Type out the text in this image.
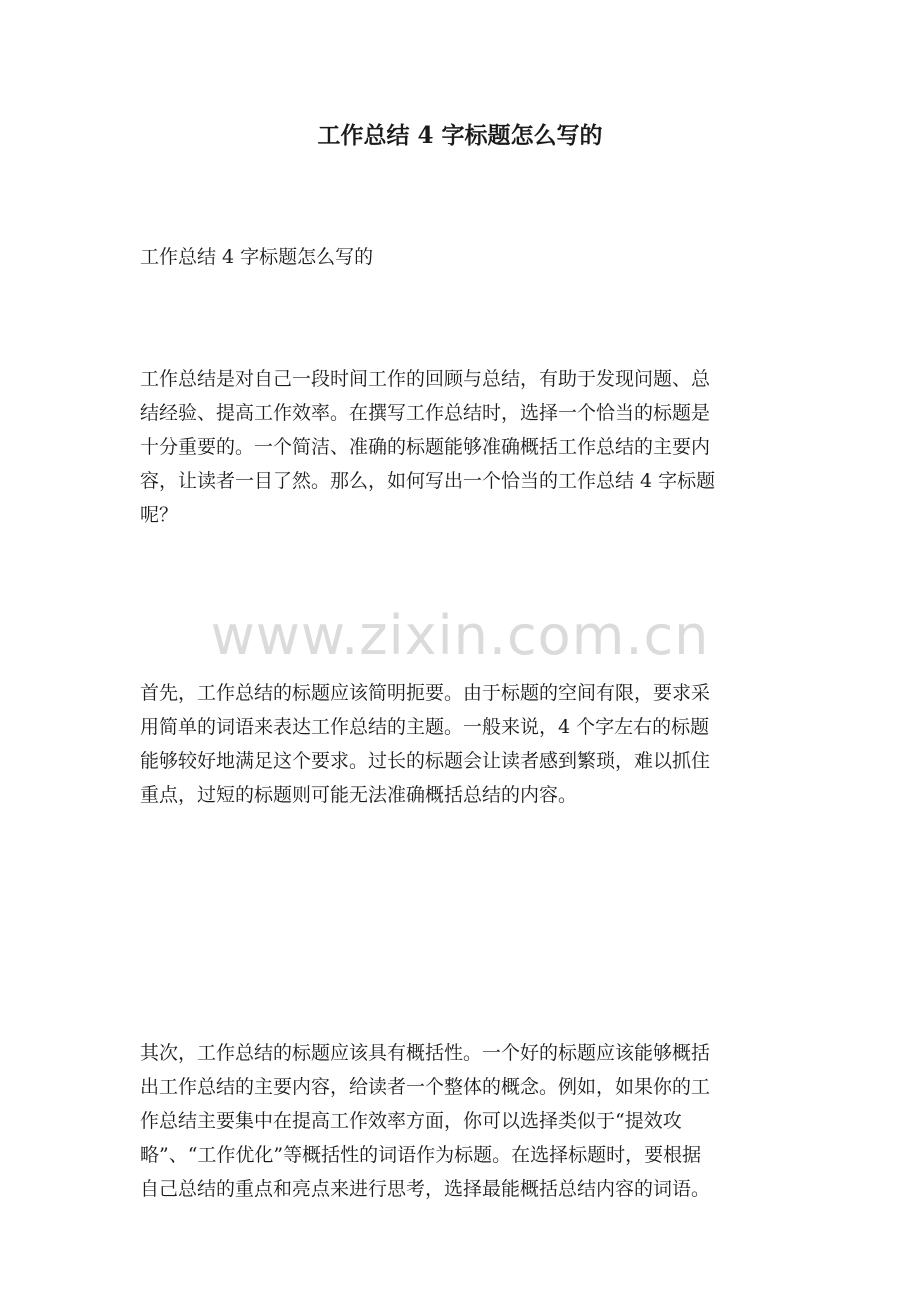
工作总结 4 字标题怎么写的
工作总结 4 字标题怎么写的
工作总结是对自己一段时间工作的回顾与总结，有助于发现问题、总
结经验、提高工作效率。在撰写工作总结时，选择一个恰当的标题是
十分重要的。一个简洁、准确的标题能够准确概括工作总结的主要内
容，让读者一目了然。那么，如何写出一个恰当的工作总结 4 字标题
呢？
www.zixin.com.cn
首先，工作总结的标题应该简明扼要。由于标题的空间有限，要求采
用简单的词语来表达工作总结的主题。一般来说，4 个字左右的标题
能够较好地满足这个要求。过长的标题会让读者感到繁琐，难以抓住
重点，过短的标题则可能无法准确概括总结的内容。
其次，工作总结的标题应该具有概括性。一个好的标题应该能够概括
出工作总结的主要内容，给读者一个整体的概念。例如，如果你的工
作总结主要集中在提高工作效率方面，你可以选择类似于“提效攻
略”、“工作优化”等概括性的词语作为标题。在选择标题时，要根据
自己总结的重点和亮点来进行思考，选择最能概括总结内容的词语。
